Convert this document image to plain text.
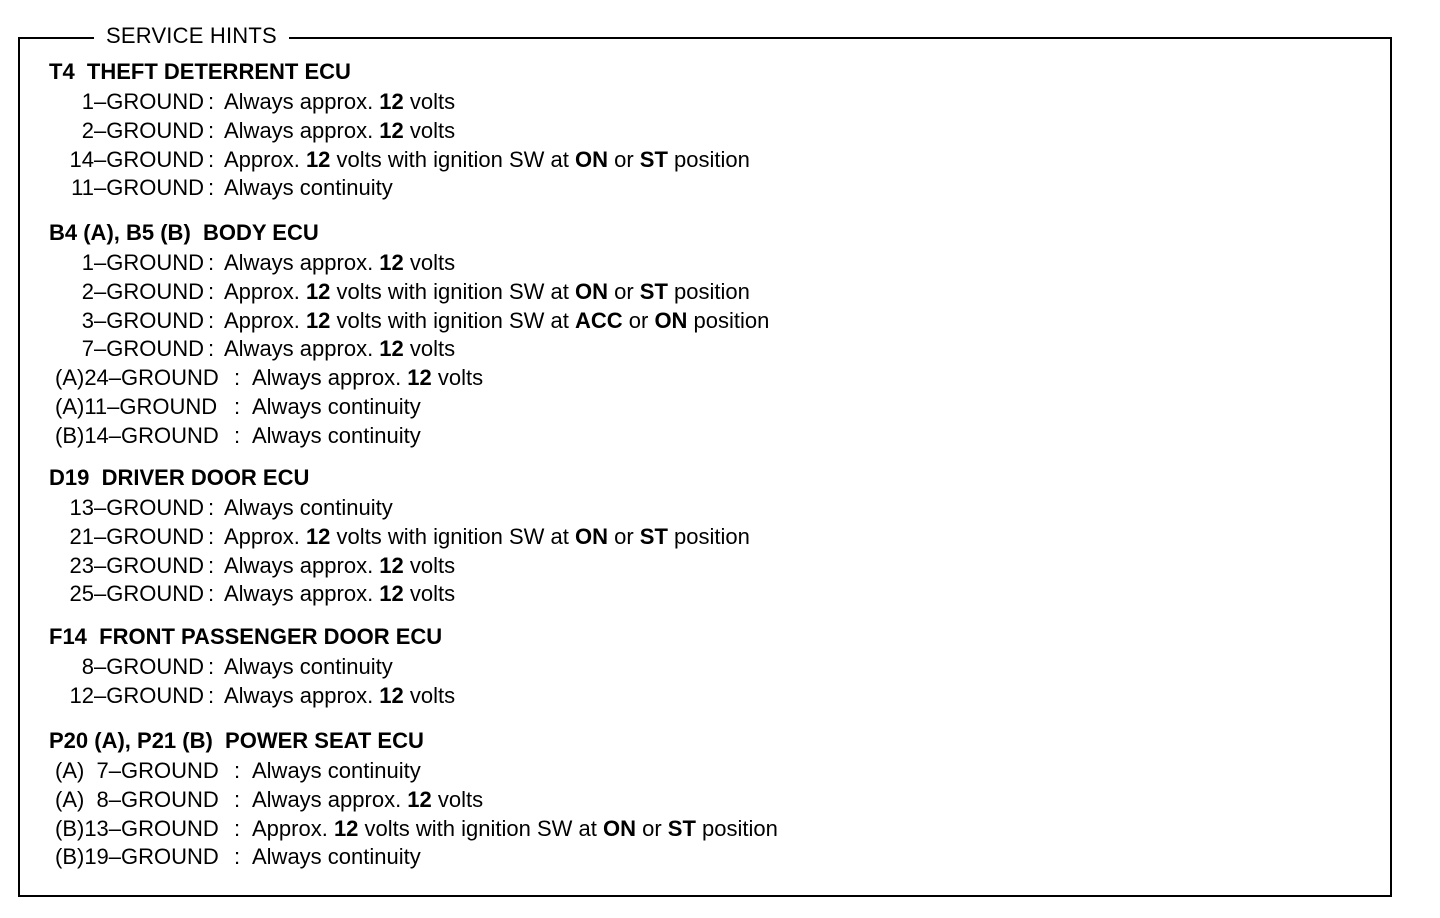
SERVICE HINTS
T4  THEFT DETERRENT ECU
1–GROUND : Always approx. 12 volts
2–GROUND : Always approx. 12 volts
14–GROUND : Approx. 12 volts with ignition SW at ON or ST position
11–GROUND : Always continuity
B4 (A), B5 (B)  BODY ECU
1–GROUND : Always approx. 12 volts
2–GROUND : Approx. 12 volts with ignition SW at ON or ST position
3–GROUND : Approx. 12 volts with ignition SW at ACC or ON position
7–GROUND : Always approx. 12 volts
(A)24–GROUND : Always approx. 12 volts
(A)11–GROUND : Always continuity
(B)14–GROUND : Always continuity
D19  DRIVER DOOR ECU
13–GROUND : Always continuity
21–GROUND : Approx. 12 volts with ignition SW at ON or ST position
23–GROUND : Always approx. 12 volts
25–GROUND : Always approx. 12 volts
F14  FRONT PASSENGER DOOR ECU
8–GROUND : Always continuity
12–GROUND : Always approx. 12 volts
P20 (A), P21 (B)  POWER SEAT ECU
(A)  7–GROUND : Always continuity
(A)  8–GROUND : Always approx. 12 volts
(B)13–GROUND : Approx. 12 volts with ignition SW at ON or ST position
(B)19–GROUND : Always continuity
